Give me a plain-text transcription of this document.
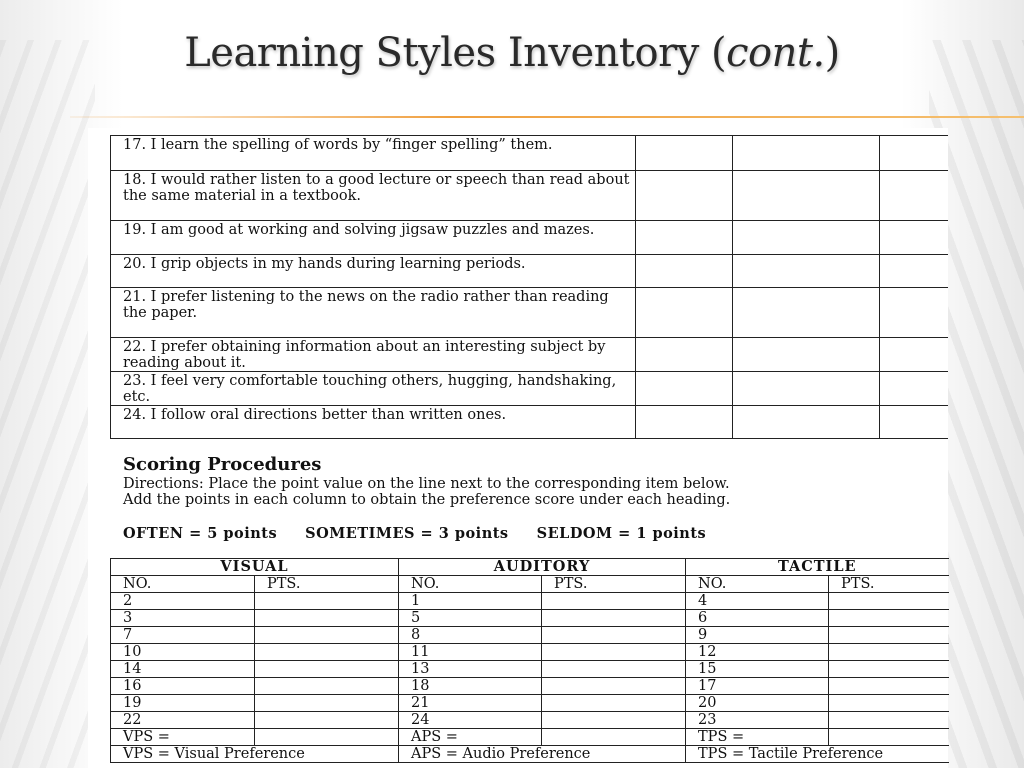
Learning Styles Inventory (cont.)
17. I learn the spelling of words by “finger spelling” them.			
18. I would rather listen to a good lecture or speech than read about the same material in a textbook.			
19. I am good at working and solving jigsaw puzzles and mazes.			
20. I grip objects in my hands during learning periods.			
21. I prefer listening to the news on the radio rather than reading the paper.			
22. I prefer obtaining information about an interesting subject by reading about it.			
23. I feel very comfortable touching others, hugging, handshaking, etc.			
24. I follow oral directions better than written ones.			
Scoring Procedures
Directions: Place the point value on the line next to the corresponding item below.
Add the points in each column to obtain the preference score under each heading.
OFTEN = 5 points SOMETIMES = 3 points SELDOM = 1 points
VISUAL		AUDITORY		TACTILE	
NO.	PTS.	NO.	PTS.	NO.	PTS.
2		1		4	
3		5		6	
7		8		9	
10		11		12	
14		13		15	
16		18		17	
19		21		20	
22		24		23	
VPS =		APS =		TPS =	
VPS = Visual Preference		APS = Audio Preference		TPS = Tactile Preference	
